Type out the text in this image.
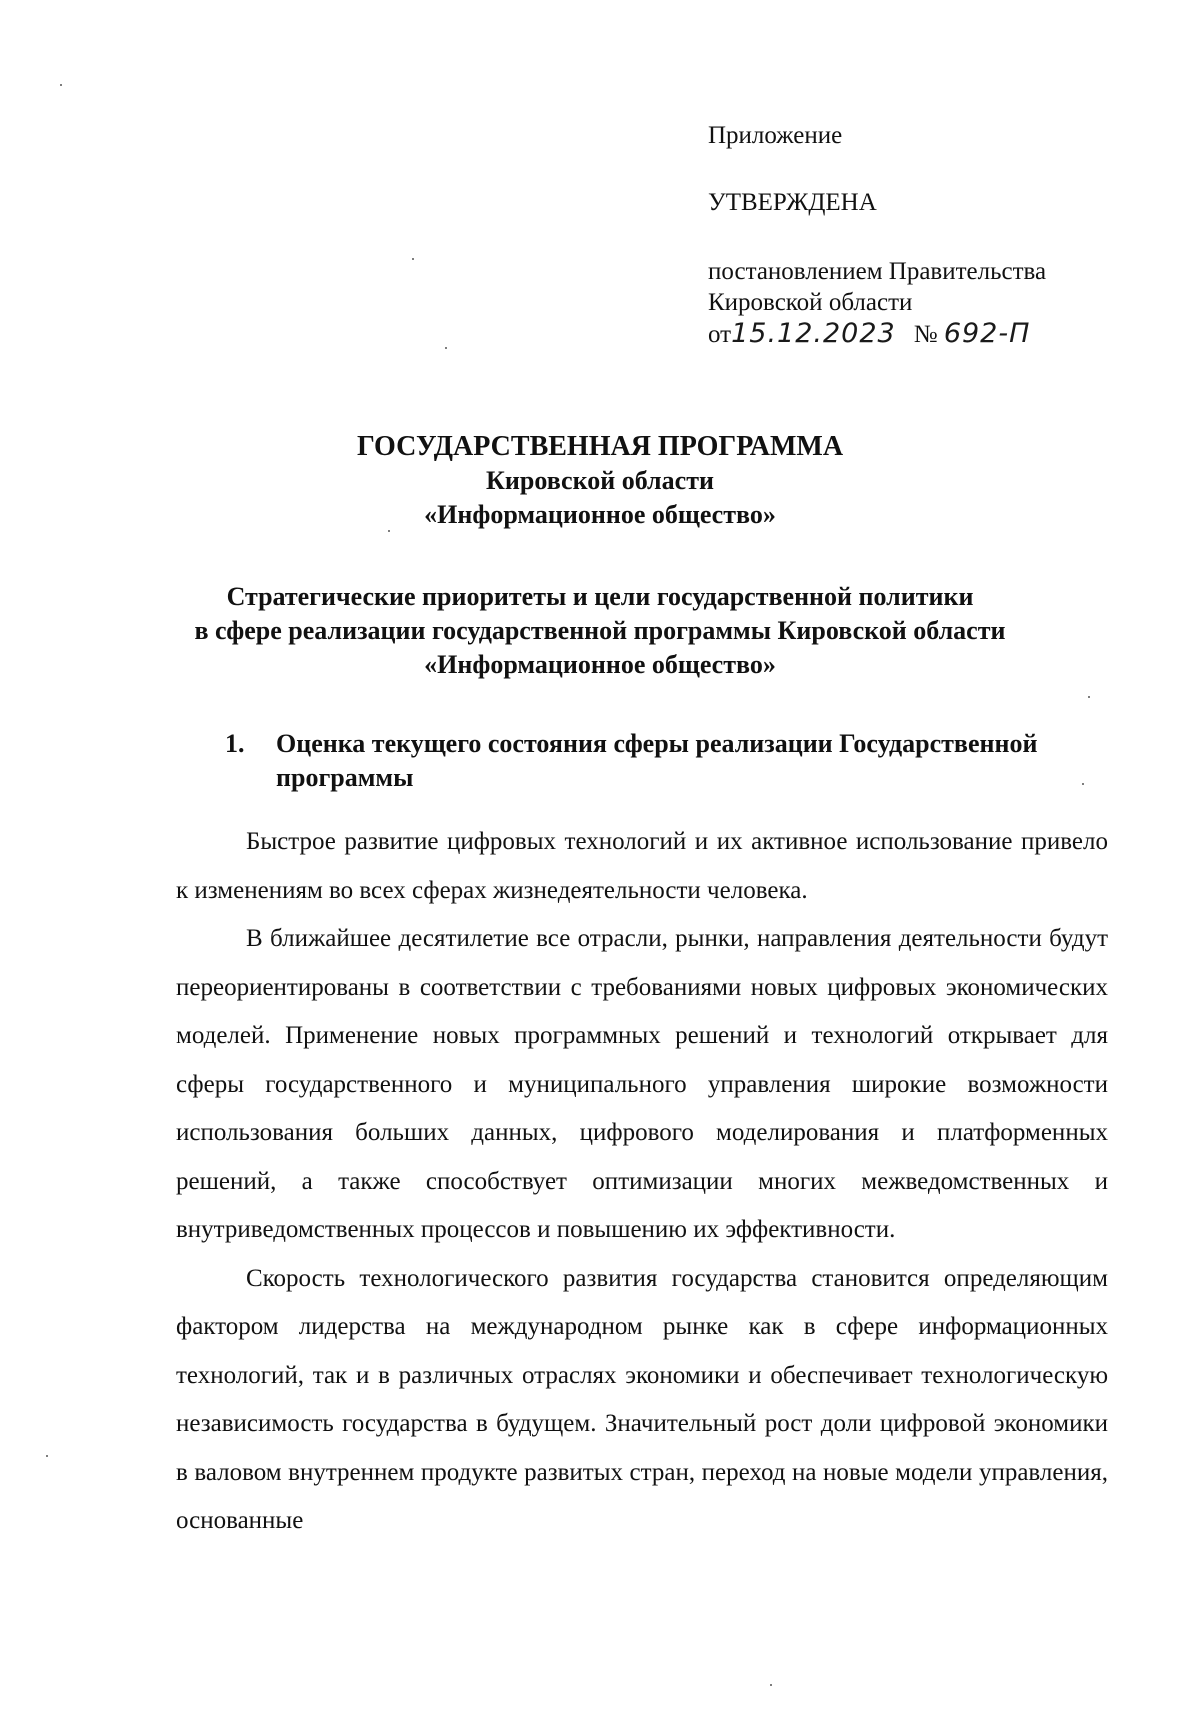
Приложение
УТВЕРЖДЕНА
постановлением Правительства
Кировской области
от15.12.2023 № 692-П
ГОСУДАРСТВЕННАЯ ПРОГРАММА
Кировской области
«Информационное общество»
Стратегические приоритеты и цели государственной политики
в сфере реализации государственной программы Кировской области
«Информационное общество»
1. Оценка текущего состояния сферы реализации Государственной программы

Быстрое развитие цифровых технологий и их активное использование привело к изменениям во всех сферах жизнедеятельности человека.

В ближайшее десятилетие все отрасли, рынки, направления деятельности будут переориентированы в соответствии с требованиями новых цифровых экономических моделей. Применение новых программных решений и технологий открывает для сферы государственного и муниципального управления широкие возможности использования больших данных, цифрового моделирования и платформенных решений, а также способствует оптимизации многих межведомственных и внутриведомственных процессов и повышению их эффективности.

Скорость технологического развития государства становится определяющим фактором лидерства на международном рынке как в сфере информационных технологий, так и в различных отраслях экономики и обеспечивает технологическую независимость государства в будущем. Значительный рост доли цифровой экономики в валовом внутреннем продукте развитых стран, переход на новые модели управления, основанные
